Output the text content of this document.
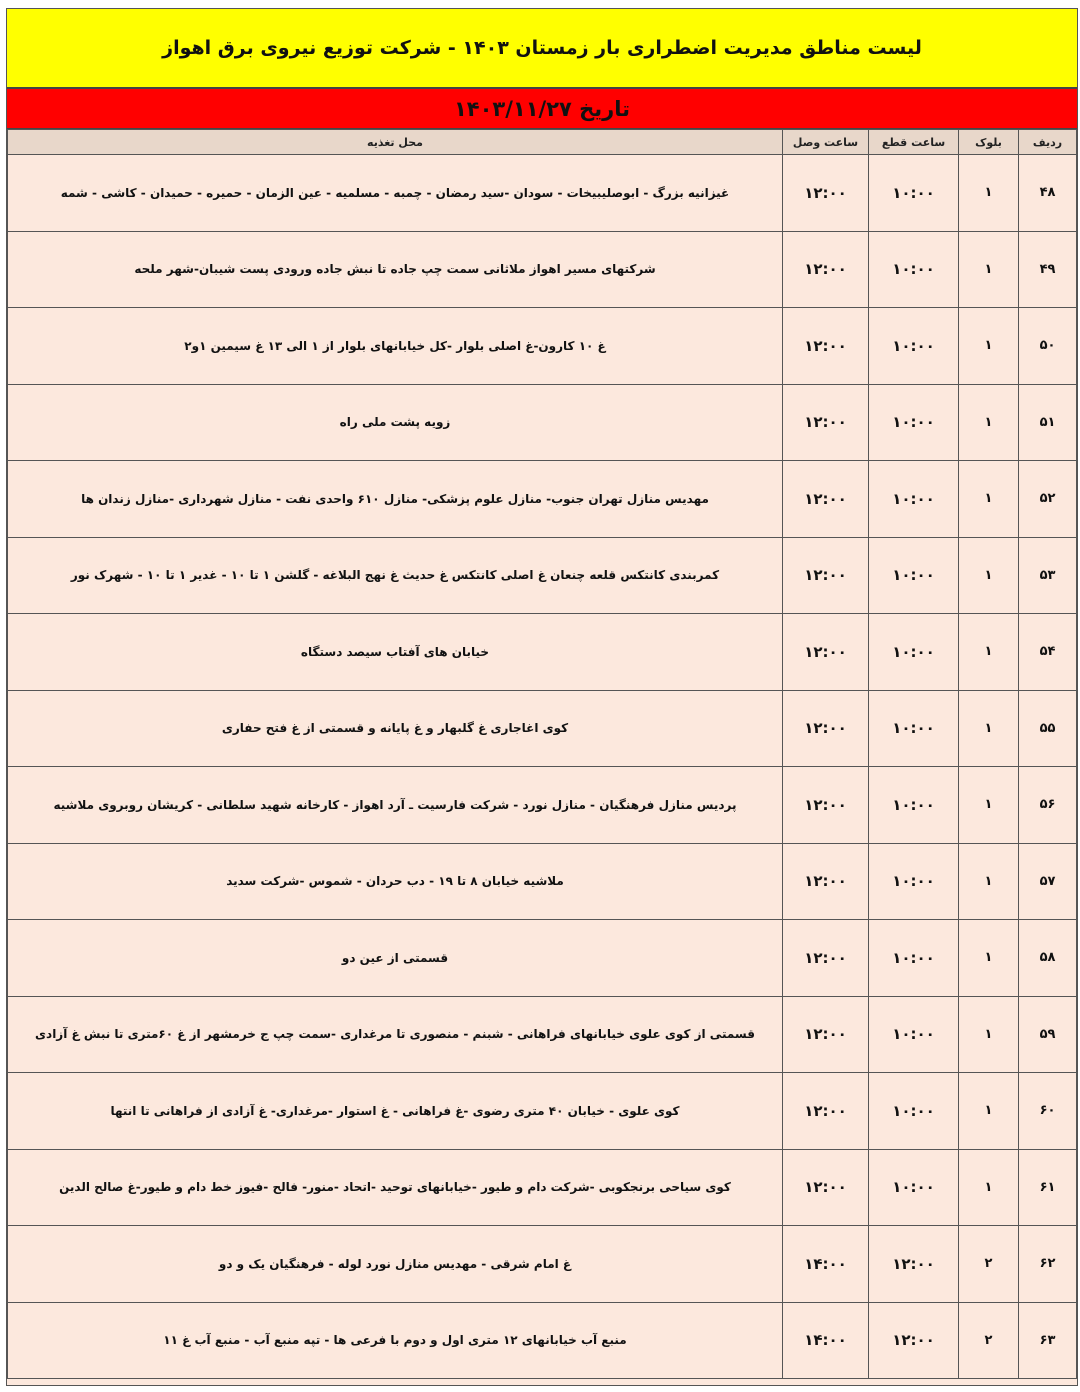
لیست مناطق مدیریت اضطراری بار زمستان ۱۴۰۳ - شرکت توزیع نیروی برق اهواز
تاریخ ۱۴۰۳/۱۱/۲۷
ردیف	بلوک	ساعت قطع	ساعت وصل	محل تغذیه
۴۸	۱	۱۰:۰۰	۱۲:۰۰	غیزانیه بزرگ - ابوصلیبیخات - سودان -سید رمضان - چمبه - مسلمیه - عین الزمان - حمیره - حمیدان - کاشی - شمه
۴۹	۱	۱۰:۰۰	۱۲:۰۰	شرکتهای مسیر اهواز ملاثانی سمت چپ جاده تا نبش جاده ورودی پست شیبان-شهر ملحه
۵۰	۱	۱۰:۰۰	۱۲:۰۰	غ ۱۰ کارون-غ اصلی بلوار -کل خیابانهای بلوار از ۱ الی ۱۳ غ سیمین ۱و۲
۵۱	۱	۱۰:۰۰	۱۲:۰۰	زویه پشت ملی راه
۵۲	۱	۱۰:۰۰	۱۲:۰۰	مهدیس منازل تهران جنوب- منازل علوم پزشکی- منازل ۶۱۰ واحدی نفت - منازل شهرداری -منازل زندان ها
۵۳	۱	۱۰:۰۰	۱۲:۰۰	کمربندی کانتکس قلعه چنعان غ اصلی کانتکس غ حدیث غ نهج البلاغه - گلشن ۱ تا ۱۰ - غدیر ۱ تا ۱۰ - شهرک نور
۵۴	۱	۱۰:۰۰	۱۲:۰۰	خیابان های آفتاب سیصد دستگاه
۵۵	۱	۱۰:۰۰	۱۲:۰۰	کوی اغاجاری غ گلبهار و غ پایانه و قسمتی از غ فتح حفاری
۵۶	۱	۱۰:۰۰	۱۲:۰۰	پردیس منازل فرهنگیان - منازل نورد - شرکت فارسیت ـ آرد اهواز - کارخانه شهید سلطانی - کریشان روبروی ملاشیه
۵۷	۱	۱۰:۰۰	۱۲:۰۰	ملاشیه خیابان ۸ تا ۱۹ - دب حردان - شموس -شرکت سدید
۵۸	۱	۱۰:۰۰	۱۲:۰۰	قسمتی از عین دو
۵۹	۱	۱۰:۰۰	۱۲:۰۰	قسمتی از کوی علوی خیابانهای فراهانی - شبنم - منصوری تا مرغداری -سمت چپ ج خرمشهر از غ ۶۰متری تا نبش غ آزادی
۶۰	۱	۱۰:۰۰	۱۲:۰۰	کوی علوی - خیابان ۴۰ متری رضوی -غ فراهانی - غ استوار -مرغداری- غ آزادی از فراهانی تا انتها
۶۱	۱	۱۰:۰۰	۱۲:۰۰	کوی سیاحی برنجکوبی -شرکت دام و طیور -خیابانهای توحید -اتحاد -منور- فالح -فیوز خط دام و طیور-غ صالح الدین
۶۲	۲	۱۲:۰۰	۱۴:۰۰	غ امام شرقی - مهدیس منازل نورد لوله - فرهنگیان یک و دو
۶۳	۲	۱۲:۰۰	۱۴:۰۰	منبع آب خیابانهای ۱۲ متری اول و دوم با فرعی ها - تپه منبع آب - منبع آب غ ۱۱
